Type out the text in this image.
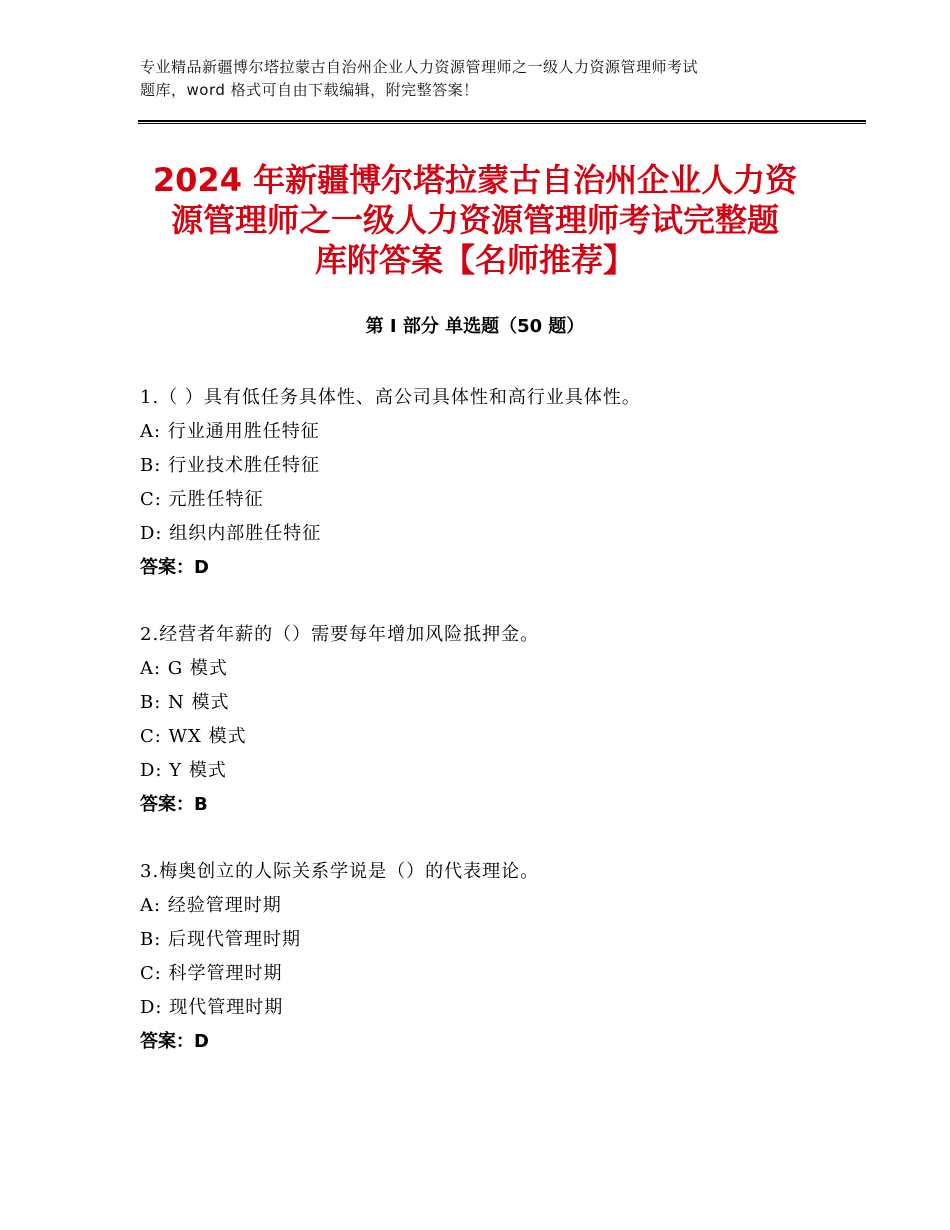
专业精品新疆博尔塔拉蒙古自治州企业人力资源管理师之一级人力资源管理师考试
题库，word 格式可自由下载编辑，附完整答案！
2024 年新疆博尔塔拉蒙古自治州企业人力资
源管理师之一级人力资源管理师考试完整题
库附答案【名师推荐】
第 I 部分 单选题（50 题）
1.（ ）具有低任务具体性、高公司具体性和高行业具体性。
A: 行业通用胜任特征
B: 行业技术胜任特征
C: 元胜任特征
D: 组织内部胜任特征
答案：D
2.经营者年薪的（）需要每年增加风险抵押金。
A: G 模式
B: N 模式
C: WX 模式
D: Y 模式
答案：B
3.梅奥创立的人际关系学说是（）的代表理论。
A: 经验管理时期
B: 后现代管理时期
C: 科学管理时期
D: 现代管理时期
答案：D
